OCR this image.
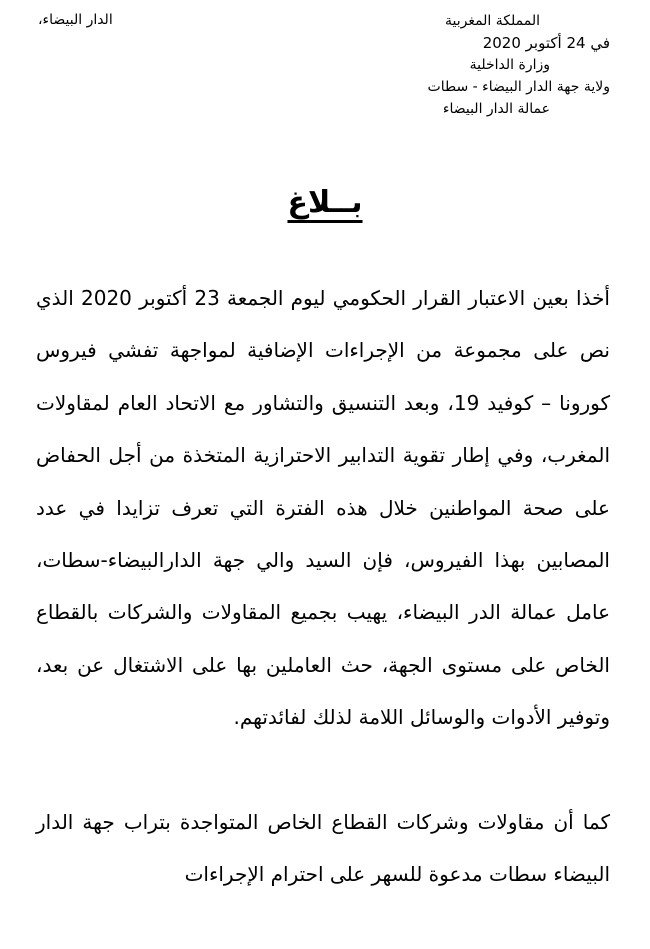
المملكة المغربية
في 24 أكتوبر 2020
وزارة الداخلية
ولاية جهة الدار البيضاء - سطات
عمالة الدار البيضاء
الدار البيضاء،
بــلاغ

أخذا بعين الاعتبار القرار الحكومي ليوم الجمعة 23 أكتوبر 2020 الذي نص على مجموعة من الإجراءات الإضافية لمواجهة تفشي فيروس كورونا – كوفيد 19، وبعد التنسيق والتشاور مع الاتحاد العام لمقاولات المغرب، وفي إطار تقوية التدابير الاحترازية المتخذة من أجل الحفاض على صحة المواطنين خلال هذه الفترة التي تعرف تزايدا في عدد المصابين بهذا الفيروس، فإن السيد والي جهة الدارالبيضاء-سطات، عامل عمالة الدر البيضاء، يهيب بجميع المقاولات والشركات بالقطاع الخاص على مستوى الجهة، حث العاملين بها على الاشتغال عن بعد، وتوفير الأدوات والوسائل اللامة لذلك لفائدتهم.

كما أن مقاولات وشركات القطاع الخاص المتواجدة بتراب جهة الدار البيضاء سطات مدعوة للسهر على احترام الإجراءات
